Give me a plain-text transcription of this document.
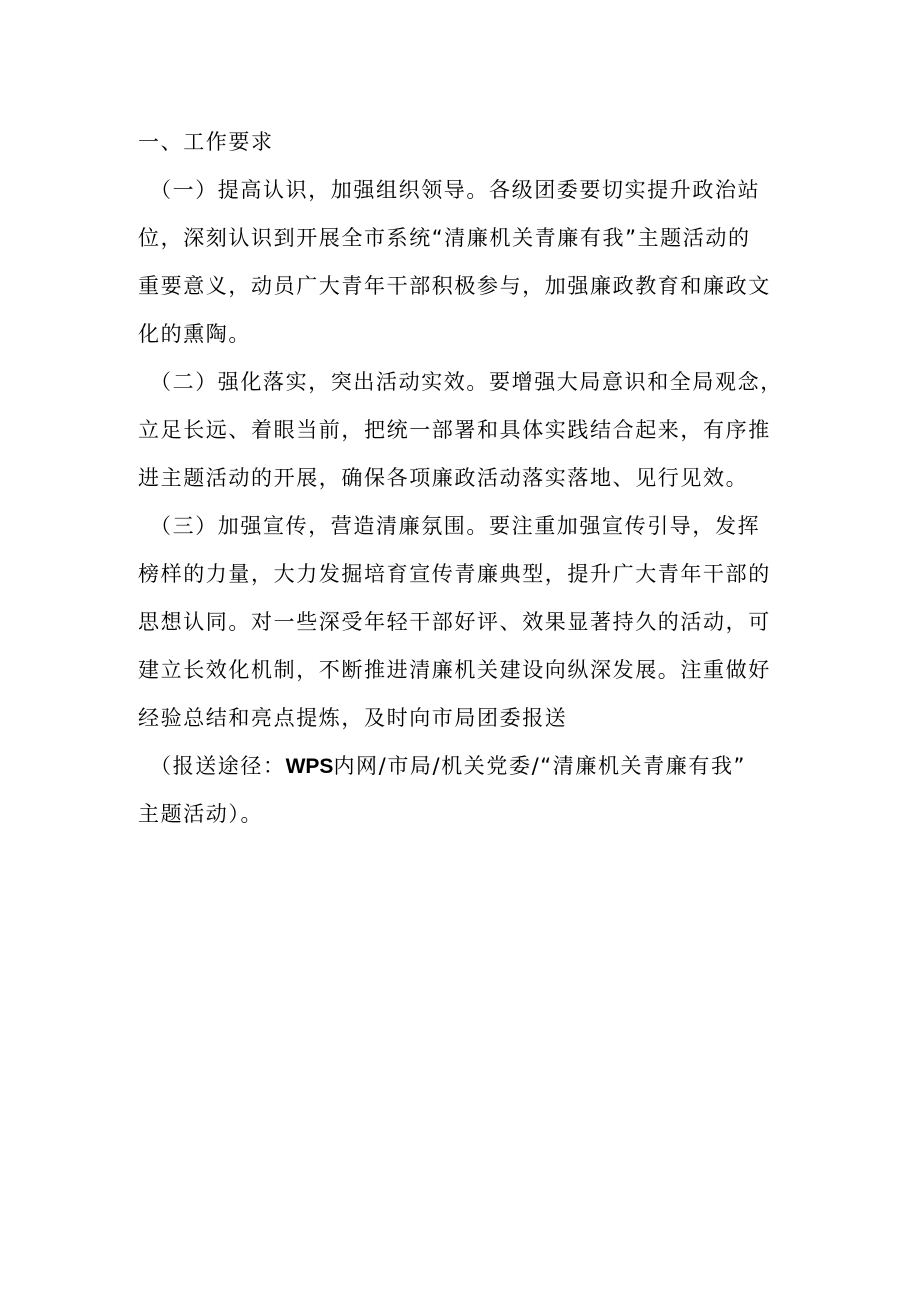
一、工作要求
（一）提高认识，加强组织领导。各级团委要切实提升政治站
位，深刻认识到开展全市系统“清廉机关青廉有我”主题活动的
重要意义，动员广大青年干部积极参与，加强廉政教育和廉政文
化的熏陶。
（二）强化落实，突出活动实效。要增强大局意识和全局观念，
立足长远、着眼当前，把统一部署和具体实践结合起来，有序推
进主题活动的开展，确保各项廉政活动落实落地、见行见效。
（三）加强宣传，营造清廉氛围。要注重加强宣传引导，发挥
榜样的力量，大力发掘培育宣传青廉典型，提升广大青年干部的
思想认同。对一些深受年轻干部好评、效果显著持久的活动，可
建立长效化机制，不断推进清廉机关建设向纵深发展。注重做好
经验总结和亮点提炼，及时向市局团委报送
（报送途径：WPS内网/市局/机关党委/“清廉机关青廉有我”
主题活动）。
